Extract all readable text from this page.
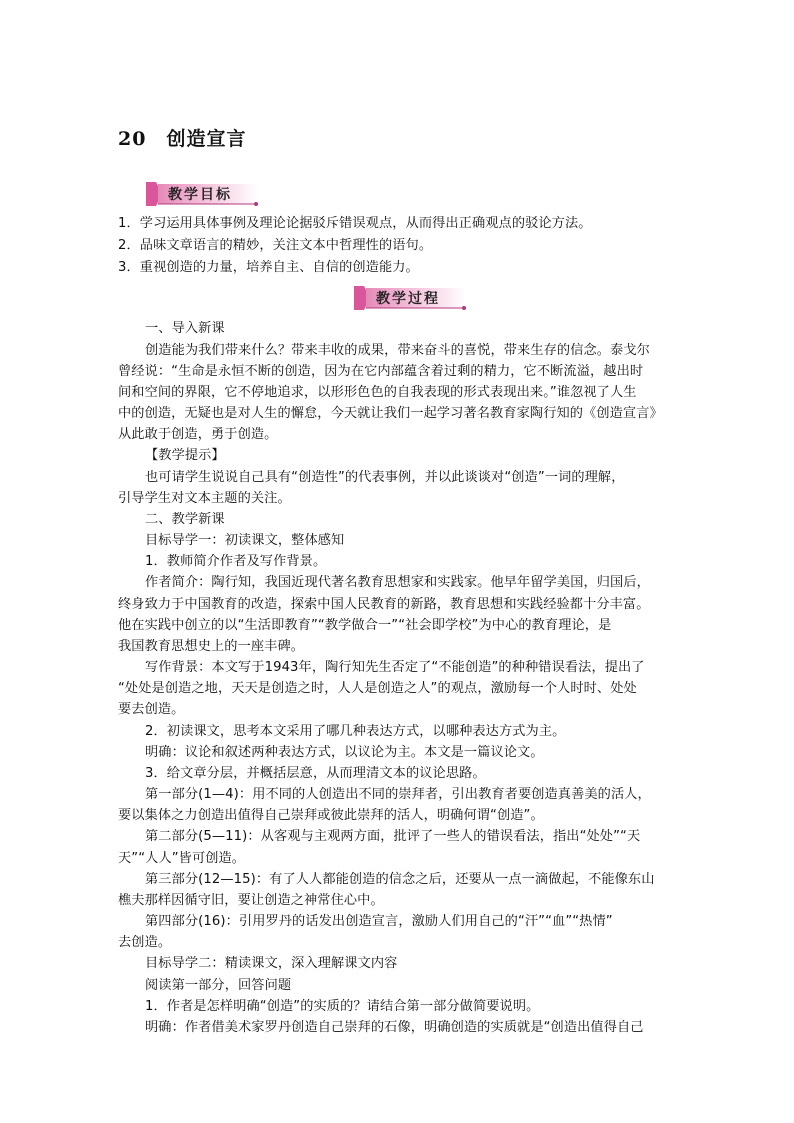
20 创造宣言
教学目标
1．学习运用具体事例及理论论据驳斥错误观点，从而得出正确观点的驳论方法。
2．品味文章语言的精妙，关注文本中哲理性的语句。
3．重视创造的力量，培养自主、自信的创造能力。
教学过程
一、导入新课
创造能为我们带来什么？带来丰收的成果，带来奋斗的喜悦，带来生存的信念。泰戈尔
曾经说：“生命是永恒不断的创造，因为在它内部蕴含着过剩的精力，它不断流溢，越出时
间和空间的界限，它不停地追求，以形形色色的自我表现的形式表现出来。”谁忽视了人生
中的创造，无疑也是对人生的懈怠，今天就让我们一起学习著名教育家陶行知的《创造宣言》
从此敢于创造，勇于创造。
【教学提示】
也可请学生说说自己具有“创造性”的代表事例，并以此谈谈对“创造”一词的理解，
引导学生对文本主题的关注。
二、教学新课
目标导学一：初读课文，整体感知
1．教师简介作者及写作背景。
作者简介：陶行知，我国近现代著名教育思想家和实践家。他早年留学美国，归国后，
终身致力于中国教育的改造，探索中国人民教育的新路，教育思想和实践经验都十分丰富。
他在实践中创立的以“生活即教育”“教学做合一”“社会即学校”为中心的教育理论，是
我国教育思想史上的一座丰碑。
写作背景：本文写于1943年，陶行知先生否定了“不能创造”的种种错误看法，提出了
“处处是创造之地，天天是创造之时，人人是创造之人”的观点，激励每一个人时时、处处
要去创造。
2．初读课文，思考本文采用了哪几种表达方式，以哪种表达方式为主。
明确：议论和叙述两种表达方式，以议论为主。本文是一篇议论文。
3．给文章分层，并概括层意，从而理清文本的议论思路。
第一部分(1—4)：用不同的人创造出不同的崇拜者，引出教育者要创造真善美的活人，
要以集体之力创造出值得自己崇拜或彼此崇拜的活人，明确何谓“创造”。
第二部分(5—11)：从客观与主观两方面，批评了一些人的错误看法，指出“处处”“天
天”“人人”皆可创造。
第三部分(12—15)：有了人人都能创造的信念之后，还要从一点一滴做起，不能像东山
樵夫那样因循守旧，要让创造之神常住心中。
第四部分(16)：引用罗丹的话发出创造宣言，激励人们用自己的“汗”“血”“热情”
去创造。
目标导学二：精读课文，深入理解课文内容
阅读第一部分，回答问题
1．作者是怎样明确“创造”的实质的？请结合第一部分做简要说明。
明确：作者借美术家罗丹创造自己崇拜的石像，明确创造的实质就是“创造出值得自己
